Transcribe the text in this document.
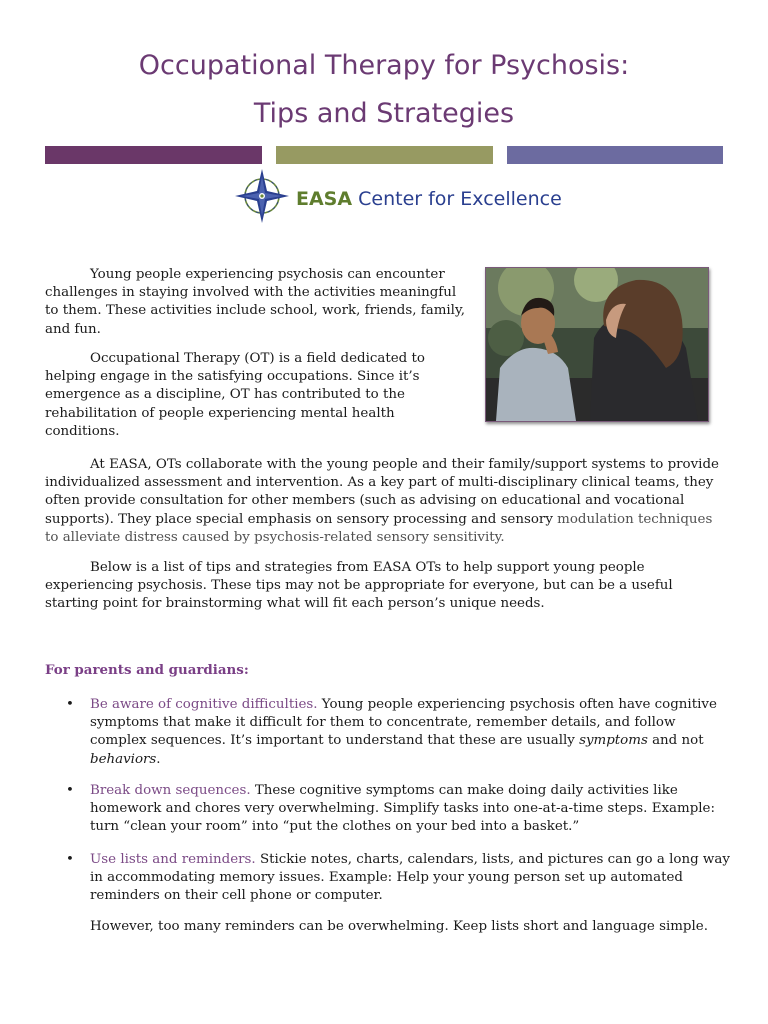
Occupational Therapy for Psychosis:
Tips and Strategies
EASA Center for Excellence

Young people experiencing psychosis can encounter challenges in staying involved with the activities meaningful to them. These activities include school, work, friends, family, and fun.

Occupational Therapy (OT) is a field dedicated to helping engage in the satisfying occupations. Since it’s emergence as a discipline, OT has contributed to the rehabilitation of people experiencing mental health conditions.

At EASA, OTs collaborate with the young people and their family/support systems to provide individualized assessment and intervention. As a key part of multi-disciplinary clinical teams, they often provide consultation for other members (such as advising on educational and vocational supports). They place special emphasis on sensory processing and sensory modulation techniques to alleviate distress caused by psychosis-related sensory sensitivity.

Below is a list of tips and strategies from EASA OTs to help support young people experiencing psychosis. These tips may not be appropriate for everyone, but can be a useful starting point for brainstorming what will fit each person’s unique needs.

For parents and guardians:

• Be aware of cognitive difficulties. Young people experiencing psychosis often have cognitive symptoms that make it difficult for them to concentrate, remember details, and follow complex sequences. It’s important to understand that these are usually symptoms and not behaviors.

• Break down sequences. These cognitive symptoms can make doing daily activities like homework and chores very overwhelming. Simplify tasks into one-at-a-time steps. Example: turn “clean your room” into “put the clothes on your bed into a basket.”

• Use lists and reminders. Stickie notes, charts, calendars, lists, and pictures can go a long way in accommodating memory issues. Example: Help your young person set up automated reminders on their cell phone or computer.

However, too many reminders can be overwhelming. Keep lists short and language simple.
